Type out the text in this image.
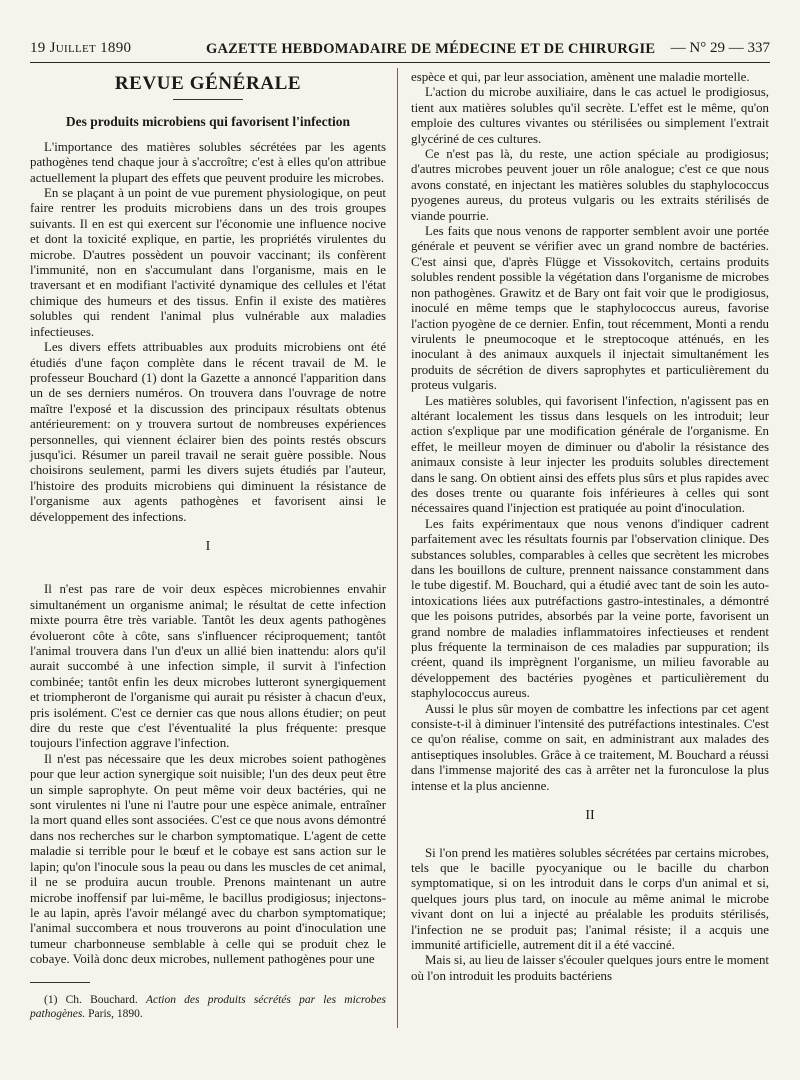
19 Juillet 1890	GAZETTE HEBDOMADAIRE DE MÉDECINE ET DE CHIRURGIE — N° 29 — 337
REVUE GÉNÉRALE
Des produits microbiens qui favorisent l'infection

L'importance des matières solubles sécrétées par les agents pathogènes tend chaque jour à s'accroître; c'est à elles qu'on attribue actuellement la plupart des effets que peuvent produire les microbes.

En se plaçant à un point de vue purement physiologique, on peut faire rentrer les produits microbiens dans un des trois groupes suivants. Il en est qui exercent sur l'économie une influence nocive et dont la toxicité explique, en partie, les propriétés virulentes du microbe. D'autres possèdent un pouvoir vaccinant; ils confèrent l'immunité, non en s'accumulant dans l'organisme, mais en le traversant et en modifiant l'activité dynamique des cellules et l'état chimique des humeurs et des tissus. Enfin il existe des matières solubles qui rendent l'animal plus vulnérable aux maladies infectieuses.

Les divers effets attribuables aux produits microbiens ont été étudiés d'une façon complète dans le récent travail de M. le professeur Bouchard (1) dont la Gazette a annoncé l'apparition dans un de ses derniers numéros. On trouvera dans l'ouvrage de notre maître l'exposé et la discussion des principaux résultats obtenus antérieurement: on y trouvera surtout de nombreuses expériences personnelles, qui viennent éclairer bien des points restés obscurs jusqu'ici. Résumer un pareil travail ne serait guère possible. Nous choisirons seulement, parmi les divers sujets étudiés par l'auteur, l'histoire des produits microbiens qui diminuent la résistance de l'organisme aux agents pathogènes et favorisent ainsi le développement des infections.

I

Il n'est pas rare de voir deux espèces microbiennes envahir simultanément un organisme animal; le résultat de cette infection mixte pourra être très variable. Tantôt les deux agents pathogènes évolueront côte à côte, sans s'influencer réciproquement; tantôt l'animal trouvera dans l'un d'eux un allié bien inattendu: alors qu'il aurait succombé à une infection simple, il survit à l'infection combinée; tantôt enfin les deux microbes lutteront synergiquement et triompheront de l'organisme qui aurait pu résister à chacun d'eux, pris isolément. C'est ce dernier cas que nous allons étudier; on peut dire du reste que c'est l'éventualité la plus fréquente: presque toujours l'infection aggrave l'infection.

Il n'est pas nécessaire que les deux microbes soient pathogènes pour que leur action synergique soit nuisible; l'un des deux peut être un simple saprophyte. On peut même voir deux bactéries, qui ne sont virulentes ni l'une ni l'autre pour une espèce animale, entraîner la mort quand elles sont associées. C'est ce que nous avons démontré dans nos recherches sur le charbon symptomatique. L'agent de cette maladie si terrible pour le bœuf et le cobaye est sans action sur le lapin; qu'on l'inocule sous la peau ou dans les muscles de cet animal, il ne se produira aucun trouble. Prenons maintenant un autre microbe inoffensif par lui-même, le bacillus prodigiosus; injectons-le au lapin, après l'avoir mélangé avec du charbon symptomatique; l'animal succombera et nous trouverons au point d'inoculation une tumeur charbonneuse semblable à celle qui se produit chez le cobaye. Voilà donc deux microbes, nullement pathogènes pour une

(1) Ch. Bouchard. Action des produits sécrétés par les microbes pathogènes. Paris, 1890.

espèce et qui, par leur association, amènent une maladie mortelle.

L'action du microbe auxiliaire, dans le cas actuel le prodigiosus, tient aux matières solubles qu'il secrète. L'effet est le même, qu'on emploie des cultures vivantes ou stérilisées ou simplement l'extrait glycériné de ces cultures.

Ce n'est pas là, du reste, une action spéciale au prodigiosus; d'autres microbes peuvent jouer un rôle analogue; c'est ce que nous avons constaté, en injectant les matières solubles du staphylococcus pyogenes aureus, du proteus vulgaris ou les extraits stérilisés de viande pourrie.

Les faits que nous venons de rapporter semblent avoir une portée générale et peuvent se vérifier avec un grand nombre de bactéries. C'est ainsi que, d'après Flügge et Vissokovitch, certains produits solubles rendent possible la végétation dans l'organisme de microbes non pathogènes. Grawitz et de Bary ont fait voir que le prodigiosus, inoculé en même temps que le staphylococcus aureus, favorise l'action pyogène de ce dernier. Enfin, tout récemment, Monti a rendu virulents le pneumocoque et le streptocoque atténués, en les inoculant à des animaux auxquels il injectait simultanément les produits de sécrétion de divers saprophytes et particulièrement du proteus vulgaris.

Les matières solubles, qui favorisent l'infection, n'agissent pas en altérant localement les tissus dans lesquels on les introduit; leur action s'explique par une modification générale de l'organisme. En effet, le meilleur moyen de diminuer ou d'abolir la résistance des animaux consiste à leur injecter les produits solubles directement dans le sang. On obtient ainsi des effets plus sûrs et plus rapides avec des doses trente ou quarante fois inférieures à celles qui sont nécessaires quand l'injection est pratiquée au point d'inoculation.

Les faits expérimentaux que nous venons d'indiquer cadrent parfaitement avec les résultats fournis par l'observation clinique. Des substances solubles, comparables à celles que secrètent les microbes dans les bouillons de culture, prennent naissance constamment dans le tube digestif. M. Bouchard, qui a étudié avec tant de soin les auto-intoxications liées aux putréfactions gastro-intestinales, a démontré que les poisons putrides, absorbés par la veine porte, favorisent un grand nombre de maladies inflammatoires infectieuses et rendent plus fréquente la terminaison de ces maladies par suppuration; ils créent, quand ils imprègnent l'organisme, un milieu favorable au développement des bactéries pyogènes et particulièrement du staphylococcus aureus.

Aussi le plus sûr moyen de combattre les infections par cet agent consiste-t-il à diminuer l'intensité des putréfactions intestinales. C'est ce qu'on réalise, comme on sait, en administrant aux malades des antiseptiques insolubles. Grâce à ce traitement, M. Bouchard a réussi dans l'immense majorité des cas à arrêter net la furonculose la plus intense et la plus ancienne.

II

Si l'on prend les matières solubles sécrétées par certains microbes, tels que le bacille pyocyanique ou le bacille du charbon symptomatique, si on les introduit dans le corps d'un animal et si, quelques jours plus tard, on inocule au même animal le microbe vivant dont on lui a injecté au préalable les produits stérilisés, l'infection ne se produit pas; l'animal résiste; il a acquis une immunité artificielle, autrement dit il a été vacciné.

Mais si, au lieu de laisser s'écouler quelques jours entre le moment où l'on introduit les produits bactériens
